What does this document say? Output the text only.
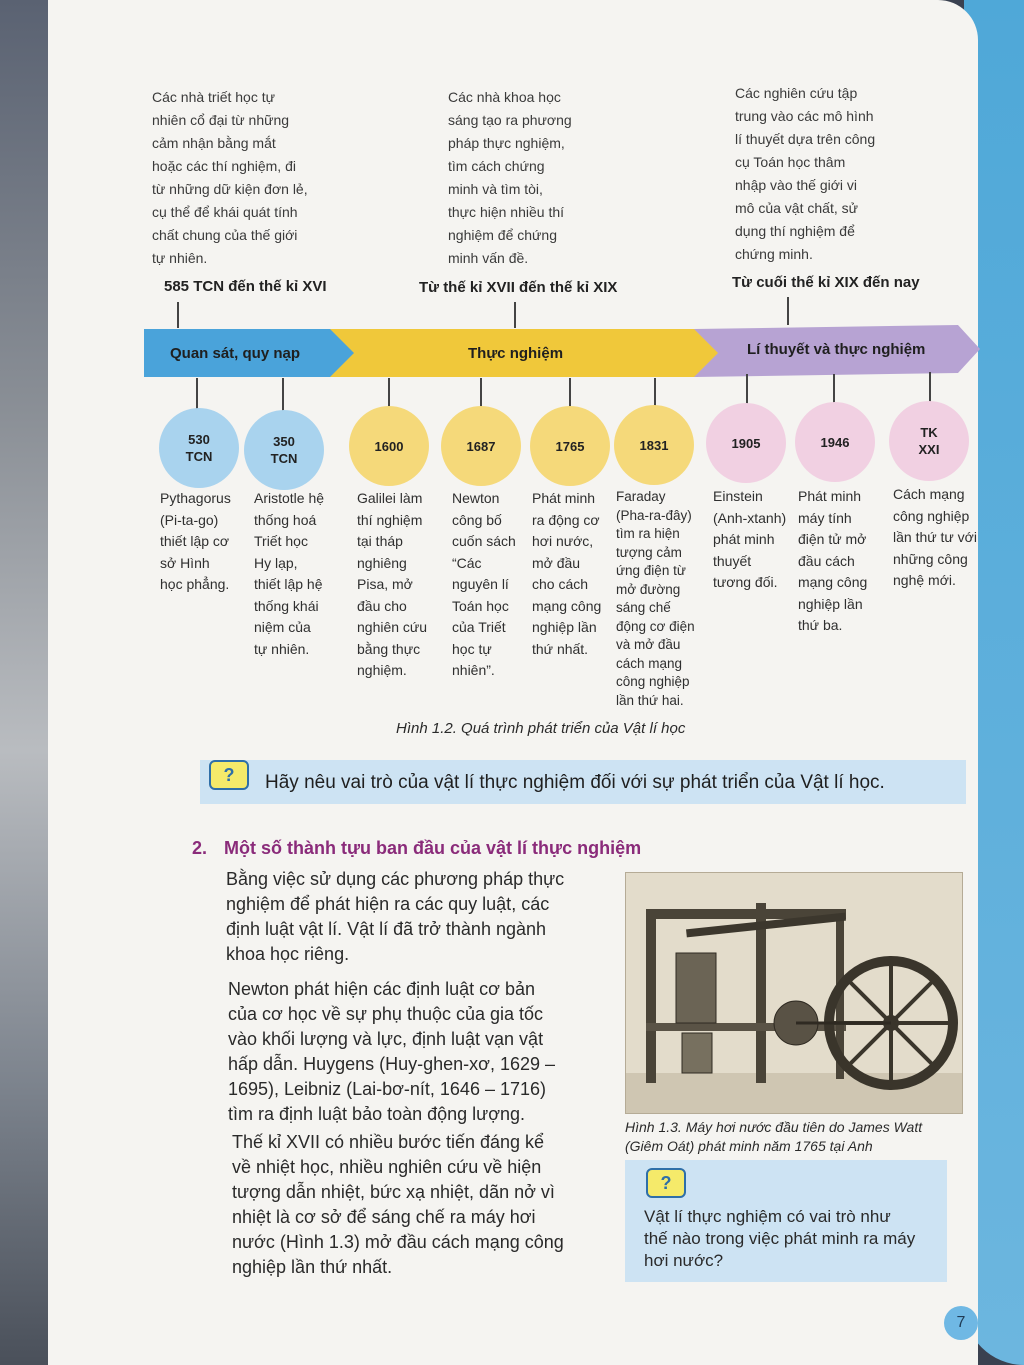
Các nhà triết học tự
nhiên cổ đại từ những
cảm nhận bằng mắt
hoặc các thí nghiệm, đi
từ những dữ kiện đơn lẻ,
cụ thể để khái quát tính
chất chung của thế giới
tự nhiên.
Các nhà khoa học
sáng tạo ra phương
pháp thực nghiệm,
tìm cách chứng
minh và tìm tòi,
thực hiện nhiều thí
nghiệm để chứng
minh vấn đề.
Các nghiên cứu tập
trung vào các mô hình
lí thuyết dựa trên công
cụ Toán học thâm
nhập vào thế giới vi
mô của vật chất, sử
dụng thí nghiệm để
chứng minh.
585 TCN đến thế kỉ XVI	Từ thế kỉ XVII đến thế kỉ XIX	Từ cuối thế kỉ XIX đến nay
Quan sát, quy nạp	Thực nghiệm	Lí thuyết và thực nghiệm
530
TCN
350
TCN
1600	1687	1765	1831	1905	1946
TK
XXI
Pythagorus
(Pi-ta-go)
thiết lập cơ
sở Hình
học phẳng.
Aristotle hệ
thống hoá
Triết học
Hy lạp,
thiết lập hệ
thống khái
niệm của
tự nhiên.
Galilei làm
thí nghiệm
tại tháp
nghiêng
Pisa, mở
đầu cho
nghiên cứu
bằng thực
nghiệm.
Newton
công bố
cuốn sách
“Các
nguyên lí
Toán học
của Triết
học tự
nhiên”.
Phát minh
ra động cơ
hơi nước,
mở đầu
cho cách
mạng công
nghiệp lần
thứ nhất.
Faraday
(Pha-ra-đây)
tìm ra hiện
tượng cảm
ứng điện từ
mở đường
sáng chế
động cơ điện
và mở đầu
cách mạng
công nghiệp
lần thứ hai.
Einstein
(Anh-xtanh)
phát minh
thuyết
tương đối.
Phát minh
máy tính
điện tử mở
đầu cách
mạng công
nghiệp lần
thứ ba.
Cách mạng
công nghiệp
lần thứ tư với
những công
nghệ mới.
Hình 1.2. Quá trình phát triển của Vật lí học
?	Hãy nêu vai trò của vật lí thực nghiệm đối với sự phát triển của Vật lí học.
2. Một số thành tựu ban đầu của vật lí thực nghiệm
Bằng việc sử dụng các phương pháp thực
nghiệm để phát hiện ra các quy luật, các
định luật vật lí. Vật lí đã trở thành ngành
khoa học riêng.
Newton phát hiện các định luật cơ bản
của cơ học về sự phụ thuộc của gia tốc
vào khối lượng và lực, định luật vạn vật
hấp dẫn. Huygens (Huy-ghen-xơ, 1629 –
1695), Leibniz (Lai-bơ-nít, 1646 – 1716)
tìm ra định luật bảo toàn động lượng.
Thế kỉ XVII có nhiều bước tiến đáng kể
về nhiệt học, nhiều nghiên cứu về hiện
tượng dẫn nhiệt, bức xạ nhiệt, dãn nở vì
nhiệt là cơ sở để sáng chế ra máy hơi
nước (Hình 1.3) mở đầu cách mạng công
nghiệp lần thứ nhất.
Hình 1.3. Máy hơi nước đầu tiên do James Watt
(Giêm Oát) phát minh năm 1765 tại Anh
?
Vật lí thực nghiệm có vai trò như
thế nào trong việc phát minh ra máy
hơi nước?
7
